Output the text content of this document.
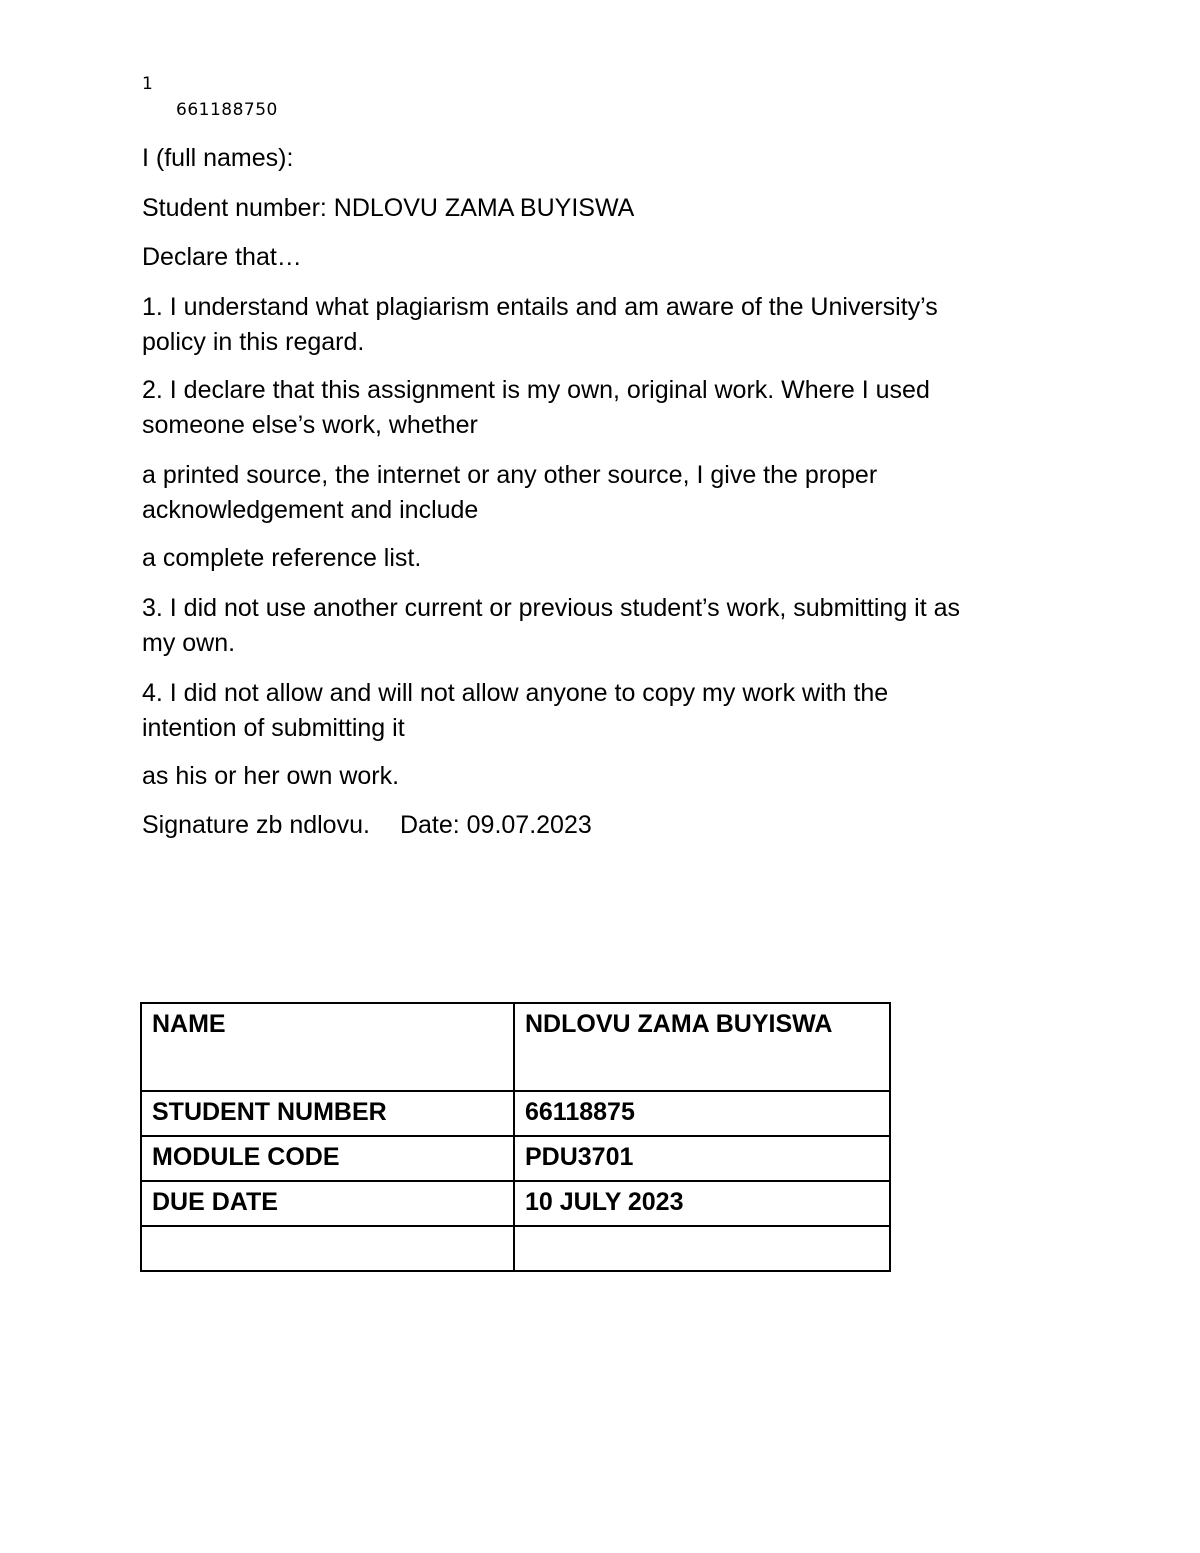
1
661188750

I (full names):

Student number: NDLOVU ZAMA BUYISWA

Declare that…

1. I understand what plagiarism entails and am aware of the University’s
policy in this regard.
2. I declare that this assignment is my own, original work. Where I used
someone else’s work, whether
a printed source, the internet or any other source, I give the proper
acknowledgement and include

a complete reference list.

3. I did not use another current or previous student’s work, submitting it as
my own.
4. I did not allow and will not allow anyone to copy my work with the
intention of submitting it

as his or her own work.

Signature zb ndlovu. Date: 09.07.2023

NAME	NDLOVU ZAMA BUYISWA
STUDENT NUMBER	66118875
MODULE CODE	PDU3701
DUE DATE	10 JULY 2023
